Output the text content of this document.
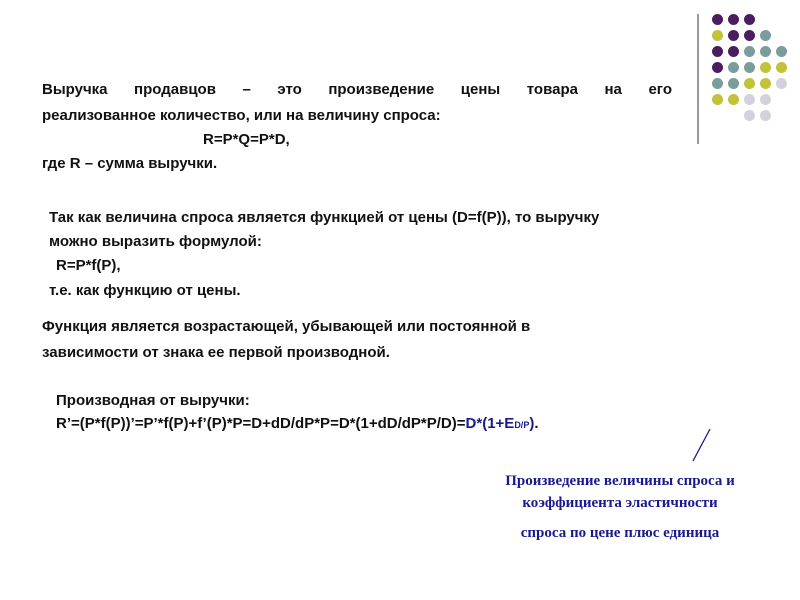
Выручка продавцов – это произведение цены товара на его

реализованное количество, или на величину спроса:

R=P*Q=P*D,

где R – сумма выручки.

Так как величина спроса является функцией от цены (D=f(P)), то выручку

можно выразить формулой:

R=P*f(P),

т.е. как функцию от цены.

Функция является возрастающей, убывающей или постоянной в

зависимости от знака ее первой производной.

Производная от выручки:

R’=(P*f(P))’=P’*f(P)+f’(P)*P=D+dD/dP*P=D*(1+dD/dP*P/D)=D*(1+ED/P).

Произведение величины спроса и
коэффициента эластичности
спроса по цене плюс единица
